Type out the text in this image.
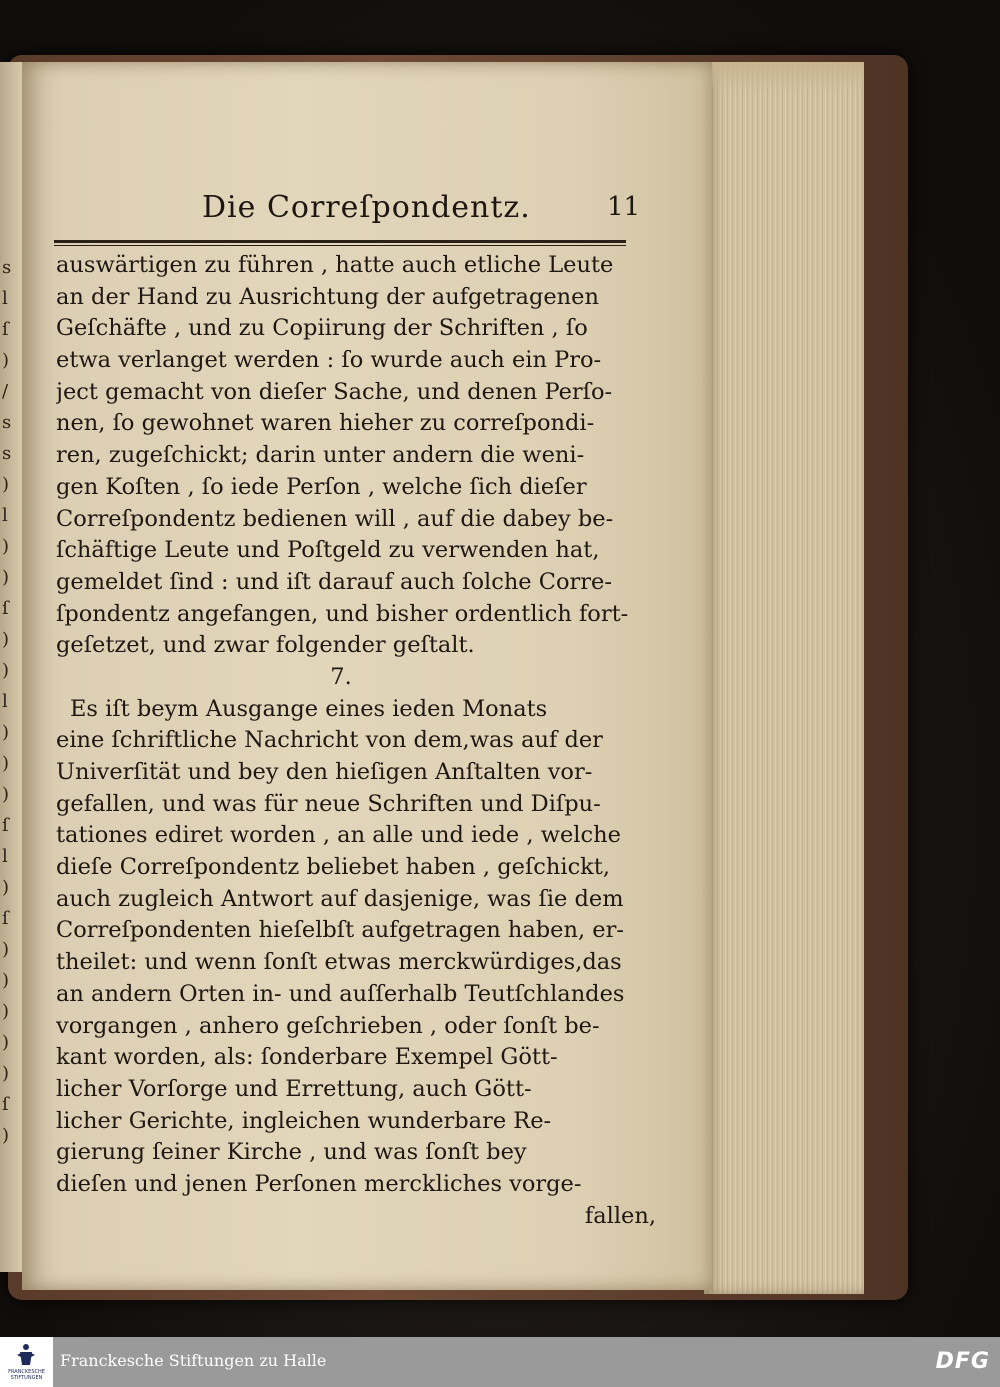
s
l
ſ
)
/
s
s
)
l
)
)
ſ
)
)
l
)
)
)
ſ
l
)
ſ
)
)
)
)
)
ſ
)
Die Correſpondentz.	11
auswärtigen zu führen , hatte auch etliche Leute
an der Hand zu Ausrichtung der aufgetragenen
Geſchäfte , und zu Copiirung der Schriften , ſo
etwa verlanget werden : ſo wurde auch ein Pro-
ject gemacht von dieſer Sache, und denen Perſo-
nen, ſo gewohnet waren hieher zu correſpondi-
ren, zugeſchickt; darin unter andern die weni-
gen Koſten , ſo iede Perſon , welche ſich dieſer
Correſpondentz bedienen will , auf die dabey be-
ſchäftige Leute und Poſtgeld zu verwenden hat,
gemeldet ſind : und iſt darauf auch ſolche Corre-
ſpondentz angefangen, und bisher ordentlich fort-
geſetzet, und zwar folgender geſtalt.
7.
Es iſt beym Ausgange eines ieden Monats
eine ſchriftliche Nachricht von dem,was auf der
Univerſität und bey den hieſigen Anſtalten vor-
gefallen, und was für neue Schriften und Diſpu-
tationes ediret worden , an alle und iede , welche
dieſe Correſpondentz beliebet haben , geſchickt,
auch zugleich Antwort auf dasjenige, was ſie dem
Correſpondenten hieſelbſt aufgetragen haben, er-
theilet: und wenn ſonſt etwas merckwürdiges,das
an andern Orten in- und auſſerhalb Teutſchlandes
vorgangen , anhero geſchrieben , oder ſonſt be-
kant worden, als: ſonderbare Exempel Gött-
licher Vorſorge und Errettung, auch Gött-
licher Gerichte, ingleichen wunderbare Re-
gierung ſeiner Kirche , und was ſonſt bey
dieſen und jenen Perſonen merckliches vorge-
fallen,
FRANCKESCHE STIFTUNGEN
Franckesche Stiftungen zu Halle	DFG
